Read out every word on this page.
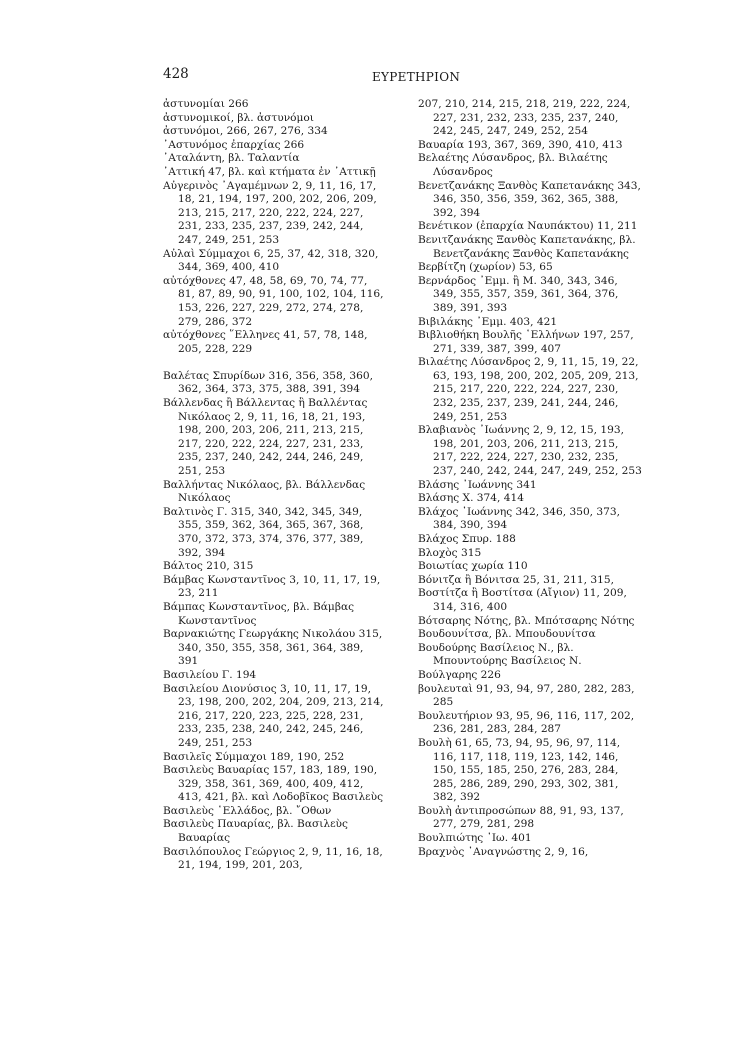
428	ΕΥΡΕΤΗΡΙΟΝ
ἀστυνομίαι 266
ἀστυνομικοί, βλ. ἀστυνόμοι
ἀστυνόμοι, 266, 267, 276, 334
᾿Αστυνόμος ἐπαρχίας 266
᾿Αταλάντη, βλ. Ταλαντία
᾿Αττική 47, βλ. καὶ κτήματα ἐν ᾿Αττικῇ
Αὐγερινὸς ᾿Αγαμέμνων 2, 9, 11, 16, 17, 18, 21, 194, 197, 200, 202, 206, 209, 213, 215, 217, 220, 222, 224, 227, 231, 233, 235, 237, 239, 242, 244, 247, 249, 251, 253
Αὐλαὶ Σύμμαχοι 6, 25, 37, 42, 318, 320, 344, 369, 400, 410
αὐτόχθονες 47, 48, 58, 69, 70, 74, 77, 81, 87, 89, 90, 91, 100, 102, 104, 116, 153, 226, 227, 229, 272, 274, 278, 279, 286, 372
αὐτόχθονες ῞Ελληνες 41, 57, 78, 148, 205, 228, 229
Βαλέτας Σπυρίδων 316, 356, 358, 360, 362, 364, 373, 375, 388, 391, 394
Βάλλενδας ἢ Βάλλεντας ἢ Βαλλέντας Νικόλαος 2, 9, 11, 16, 18, 21, 193, 198, 200, 203, 206, 211, 213, 215, 217, 220, 222, 224, 227, 231, 233, 235, 237, 240, 242, 244, 246, 249, 251, 253
Βαλλήντας Νικόλαος, βλ. Βάλλενδας Νικόλαος
Βαλτινὸς Γ. 315, 340, 342, 345, 349, 355, 359, 362, 364, 365, 367, 368, 370, 372, 373, 374, 376, 377, 389, 392, 394
Βάλτος 210, 315
Βάμβας Κωνσταντῖνος 3, 10, 11, 17, 19, 23, 211
Βάμπας Κωνσταντῖνος, βλ. Βάμβας Κωνσταντῖνος
Βαρνακιώτης Γεωργάκης Νικολάου 315, 340, 350, 355, 358, 361, 364, 389, 391
Βασιλείου Γ. 194
Βασιλείου Διονύσιος 3, 10, 11, 17, 19, 23, 198, 200, 202, 204, 209, 213, 214, 216, 217, 220, 223, 225, 228, 231, 233, 235, 238, 240, 242, 245, 246, 249, 251, 253
Βασιλεῖς Σύμμαχοι 189, 190, 252
Βασιλεὺς Βαυαρίας 157, 183, 189, 190, 329, 358, 361, 369, 400, 409, 412, 413, 421, βλ. καὶ Λοδοβῖκος Βασιλεὺς
Βασιλεὺς ῾Ελλάδος, βλ. ῎Οθων
Βασιλεὺς Παυαρίας, βλ. Βασιλεὺς Βαυαρίας
Βασιλόπουλος Γεώργιος 2, 9, 11, 16, 18, 21, 194, 199, 201, 203,
207, 210, 214, 215, 218, 219, 222, 224, 227, 231, 232, 233, 235, 237, 240, 242, 245, 247, 249, 252, 254
Βαυαρία 193, 367, 369, 390, 410, 413
Βελαέτης Λύσανδρος, βλ. Βιλαέτης Λύσανδρος
Βενετζανάκης Ξανθὸς Καπετανάκης 343, 346, 350, 356, 359, 362, 365, 388, 392, 394
Βενέτικον (ἐπαρχία Ναυπάκτου) 11, 211
Βενιτζανάκης Ξανθὸς Καπετανάκης, βλ. Βενετζανάκης Ξανθὸς Καπετανάκης
Βερβίτζη (χωρίον) 53, 65
Βερνάρδος ᾿Εμμ. ἢ Μ. 340, 343, 346, 349, 355, 357, 359, 361, 364, 376, 389, 391, 393
Βιβιλάκης ᾿Εμμ. 403, 421
Βιβλιοθήκη Βουλῆς ῾Ελλήνων 197, 257, 271, 339, 387, 399, 407
Βιλαέτης Λύσανδρος 2, 9, 11, 15, 19, 22, 63, 193, 198, 200, 202, 205, 209, 213, 215, 217, 220, 222, 224, 227, 230, 232, 235, 237, 239, 241, 244, 246, 249, 251, 253
Βλαβιανὸς ᾿Ιωάννης 2, 9, 12, 15, 193, 198, 201, 203, 206, 211, 213, 215, 217, 222, 224, 227, 230, 232, 235, 237, 240, 242, 244, 247, 249, 252, 253
Βλάσης ᾿Ιωάννης 341
Βλάσης Χ. 374, 414
Βλάχος ᾿Ιωάννης 342, 346, 350, 373, 384, 390, 394
Βλάχος Σπυρ. 188
Βλοχὸς 315
Βοιωτίας χωρία 110
Βόνιτζα ἢ Βόνιτσα 25, 31, 211, 315,
Βοστίτζα ἢ Βοστίτσα (Αἴγιον) 11, 209, 314, 316, 400
Βότσαρης Νότης, βλ. Μπότσαρης Νότης
Βουδουνίτσα, βλ. Μπουδουνίτσα
Βουδούρης Βασίλειος Ν., βλ. Μπουντούρης Βασίλειος Ν.
Βούλγαρης 226
βουλευταὶ 91, 93, 94, 97, 280, 282, 283, 285
Βουλευτήριον 93, 95, 96, 116, 117, 202, 236, 281, 283, 284, 287
Βουλὴ 61, 65, 73, 94, 95, 96, 97, 114, 116, 117, 118, 119, 123, 142, 146, 150, 155, 185, 250, 276, 283, 284, 285, 286, 289, 290, 293, 302, 381, 382, 392
Βουλὴ ἀντιπροσώπων 88, 91, 93, 137, 277, 279, 281, 298
Βουλπιώτης ᾿Ιω. 401
Βραχνὸς ᾿Αναγνώστης 2, 9, 16,
